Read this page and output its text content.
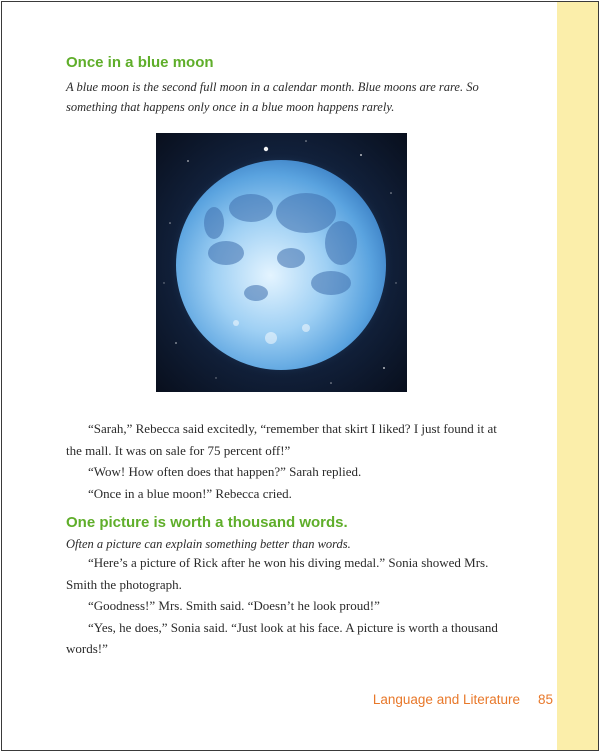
Once in a blue moon

A blue moon is the second full moon in a calendar month. Blue moons are rare. So something that happens only once in a blue moon happens rarely.

“Sarah,” Rebecca said excitedly, “remember that skirt I liked? I just found it at the mall. It was on sale for 75 percent off!”

“Wow! How often does that happen?” Sarah replied.

“Once in a blue moon!” Rebecca cried.

One picture is worth a thousand words.

Often a picture can explain something better than words.

“Here’s a picture of Rick after he won his diving medal.” Sonia showed Mrs. Smith the photograph.

“Goodness!” Mrs. Smith said. “Doesn’t he look proud!”

“Yes, he does,” Sonia said. “Just look at his face. A picture is worth a thousand words!”

Language and Literature 85
